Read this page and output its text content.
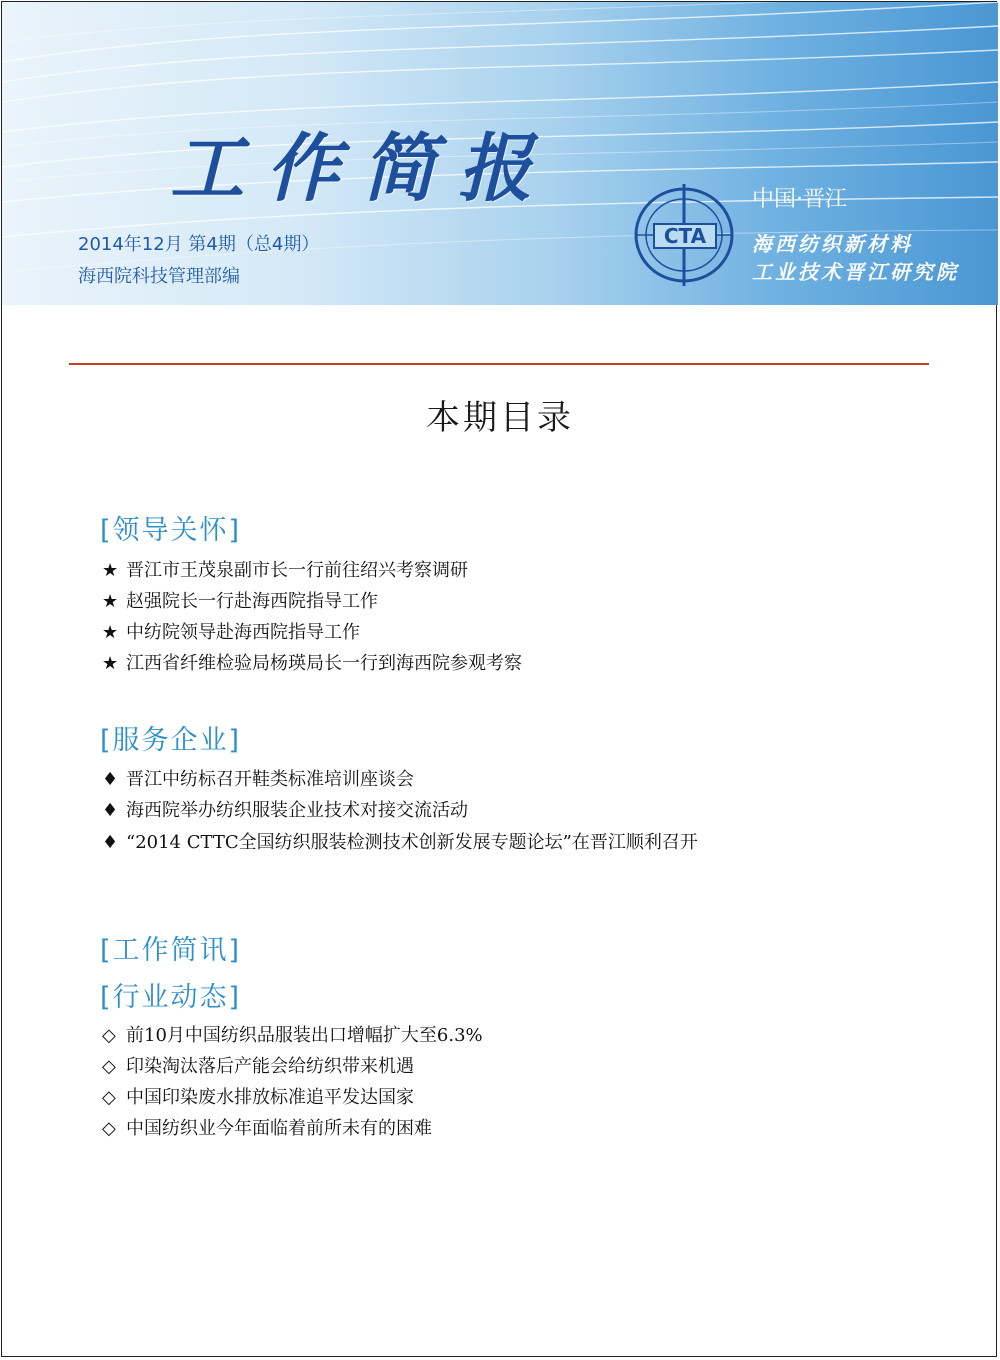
工作简报
2014年12月 第4期（总4期）
海西院科技管理部编
CTA
中国·晋江
海西纺织新材料
工业技术晋江研究院
本期目录
[领导关怀]
★ 晋江市王茂泉副市长一行前往绍兴考察调研
★ 赵强院长一行赴海西院指导工作
★ 中纺院领导赴海西院指导工作
★ 江西省纤维检验局杨瑛局长一行到海西院参观考察
[服务企业]
♦ 晋江中纺标召开鞋类标准培训座谈会
♦ 海西院举办纺织服装企业技术对接交流活动
♦ “2014 CTTC全国纺织服装检测技术创新发展专题论坛”在晋江顺利召开
[工作简讯]
[行业动态]
◇ 前10月中国纺织品服装出口增幅扩大至6.3%
◇ 印染淘汰落后产能会给纺织带来机遇
◇ 中国印染废水排放标准追平发达国家
◇ 中国纺织业今年面临着前所未有的困难
